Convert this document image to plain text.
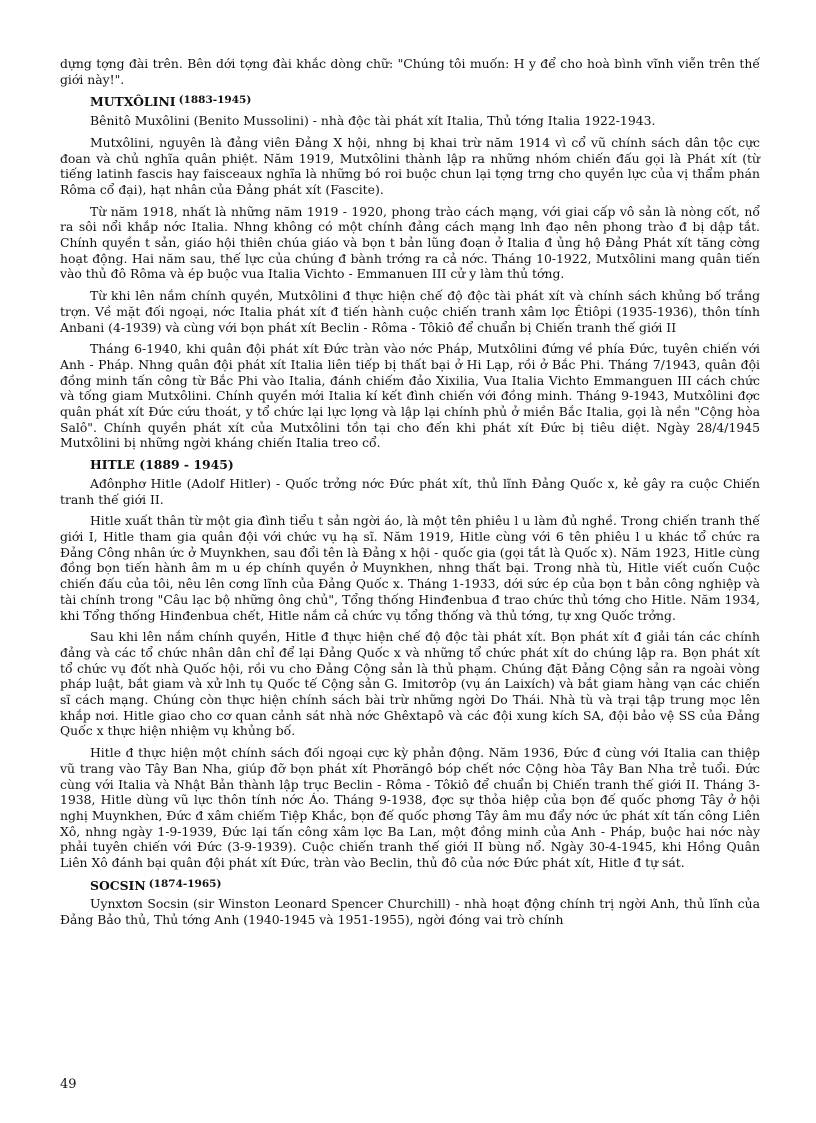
dựng tợng đài trên. Bên dới tợng đài khắc dòng chữ: "Chúng tôi muốn: H y để cho hoà bình vĩnh viễn trên thế giới này!".

MUTXÔLINI $^{(1883-1945)}$

Bênitô Muxôlini (Benito Mussolini) - nhà độc tài phát xít Italia, Thủ tớng Italia 1922-1943.

Mutxôlini, nguyên là đảng viên Đảng X hội, nhng bị khai trừ năm 1914 vì cổ vũ chính sách dân tộc cực đoan và chủ nghĩa quân phiệt. Năm 1919, Mutxôlini thành lập ra những nhóm chiến đấu gọi là Phát xít (từ tiếng latinh fascis hay faisceaux nghĩa là những bó roi buộc chun lại tợng trng cho quyền lực của vị thẩm phán Rôma cổ đại), hạt nhân của Đảng phát xít (Fascite).

Từ năm 1918, nhất là những năm 1919 - 1920, phong trào cách mạng, với giai cấp vô sản là nòng cốt, nổ ra sôi nổi khắp nớc Italia. Nhng không có một chính đảng cách mạng lnh đạo nên phong trào đ bị dập tắt. Chính quyền t sản, giáo hội thiên chúa giáo và bọn t bản lũng đoạn ở Italia đ ủng hộ Đảng Phát xít tăng cờng hoạt động. Hai năm sau, thế lực của chúng đ bành trớng ra cả nớc. Tháng 10-1922, Mutxôlini mang quân tiến vào thủ đô Rôma và ép buộc vua Italia Vichto - Emmanuen III cử y làm thủ tớng.

Từ khi lên nắm chính quyền, Mutxôlini đ thực hiện chế độ độc tài phát xít và chính sách khủng bố trắng trợn. Về mặt đối ngoại, nớc Italia phát xít đ tiến hành cuộc chiến tranh xâm lợc Êtiôpi (1935-1936), thôn tính Anbani (4-1939) và cùng với bọn phát xít Beclin - Rôma - Tôkiô để chuẩn bị Chiến tranh thế giới II

Tháng 6-1940, khi quân đội phát xít Đức tràn vào nớc Pháp, Mutxôlini đứng về phía Đức, tuyên chiến với Anh - Pháp. Nhng quân đội phát xít Italia liên tiếp bị thất bại ở Hi Lạp, rồi ở Bắc Phi. Tháng 7/1943, quân đội đồng minh tấn công từ Bắc Phi vào Italia, đánh chiếm đảo Xixilia, Vua Italia Vichto Emmanguen III cách chức và tống giam Mutxôlini. Chính quyền mới Italia kí kết đình chiến với đồng minh. Tháng 9-1943, Mutxôlini đợc quân phát xít Đức cứu thoát, y tổ chức lại lực lợng và lập lại chính phủ ở miền Bắc Italia, gọi là nền "Cộng hòa Salô". Chính quyền phát xít của Mutxôlini tồn tại cho đến khi phát xít Đức bị tiêu diệt. Ngày 28/4/1945 Mutxôlini bị những ngời kháng chiến Italia treo cổ.

HITLE (1889 - 1945)

Ađônphơ Hitle (Adolf Hitler) - Quốc trởng nớc Đức phát xít, thủ lĩnh Đảng Quốc x, kẻ gây ra cuộc Chiến tranh thế giới II.

Hitle xuất thân từ một gia đình tiểu t sản ngời áo, là một tên phiêu l u làm đủ nghề. Trong chiến tranh thế giới I, Hitle tham gia quân đội với chức vụ hạ sĩ. Năm 1919, Hitle cùng với 6 tên phiêu l u khác tổ chức ra Đảng Công nhân ức ở Muynkhen, sau đổi tên là Đảng x hội - quốc gia (gọi tắt là Quốc x). Năm 1923, Hitle cùng đồng bọn tiến hành âm m u ép chính quyền ở Muynkhen, nhng thất bại. Trong nhà tù, Hitle viết cuốn Cuộc chiến đấu của tôi, nêu lên cơng lĩnh của Đảng Quốc x. Tháng 1-1933, dới sức ép của bọn t bản công nghiệp và tài chính trong "Câu lạc bộ những ông chủ", Tổng thống Hinđenbua đ trao chức thủ tớng cho Hitle. Năm 1934, khi Tổng thống Hinđenbua chết, Hitle nắm cả chức vụ tổng thống và thủ tớng, tự xng Quốc trởng.

Sau khi lên nắm chính quyền, Hitle đ thực hiện chế độ độc tài phát xít. Bọn phát xít đ giải tán các chính đảng và các tổ chức nhân dân chỉ để lại Đảng Quốc x và những tổ chức phát xít do chúng lập ra. Bọn phát xít tổ chức vụ đốt nhà Quốc hội, rồi vu cho Đảng Cộng sản là thủ phạm. Chúng đặt Đảng Cộng sản ra ngoài vòng pháp luật, bắt giam và xử lnh tụ Quốc tế Cộng sản G. Imitơrôp (vụ án Laixích) và bắt giam hàng vạn các chiến sĩ cách mạng. Chúng còn thực hiện chính sách bài trừ những ngời Do Thái. Nhà tù và trại tập trung mọc lên khắp nơi. Hitle giao cho cơ quan cảnh sát nhà nớc Ghêxtapô và các đội xung kích SA, đội bảo vệ SS của Đảng Quốc x thực hiện nhiệm vụ khủng bố.

Hitle đ thực hiện một chính sách đối ngoại cực kỳ phản động. Năm 1936, Đức đ cùng với Italia can thiệp vũ trang vào Tây Ban Nha, giúp đỡ bọn phát xít Phơrăngô bóp chết nớc Cộng hòa Tây Ban Nha trẻ tuổi. Đức cùng với Italia và Nhật Bản thành lập trục Beclin - Rôma - Tôkiô để chuẩn bị Chiến tranh thế giới II. Tháng 3-1938, Hitle dùng vũ lực thôn tính nớc Áo. Tháng 9-1938, đợc sự thỏa hiệp của bọn đế quốc phơng Tây ở hội nghị Muynkhen, Đức đ xâm chiếm Tiệp Khắc, bọn đế quốc phơng Tây âm mu đẩy nớc ức phát xít tấn công Liên Xô, nhng ngày 1-9-1939, Đức lại tấn công xâm lợc Ba Lan, một đồng minh của Anh - Pháp, buộc hai nớc này phải tuyên chiến với Đức (3-9-1939). Cuộc chiến tranh thế giới II bùng nổ. Ngày 30-4-1945, khi Hồng Quân Liên Xô đánh bại quân đội phát xít Đức, tràn vào Beclin, thủ đô của nớc Đức phát xít, Hitle đ tự sát.

SOCSIN $^{(1874-1965)}$

Uynxtơn Socsin (sir Winston Leonard Spencer Churchill) - nhà hoạt động chính trị ngời Anh, thủ lĩnh của Đảng Bảo thủ, Thủ tớng Anh (1940-1945 và 1951-1955), ngời đóng vai trò chính

49
